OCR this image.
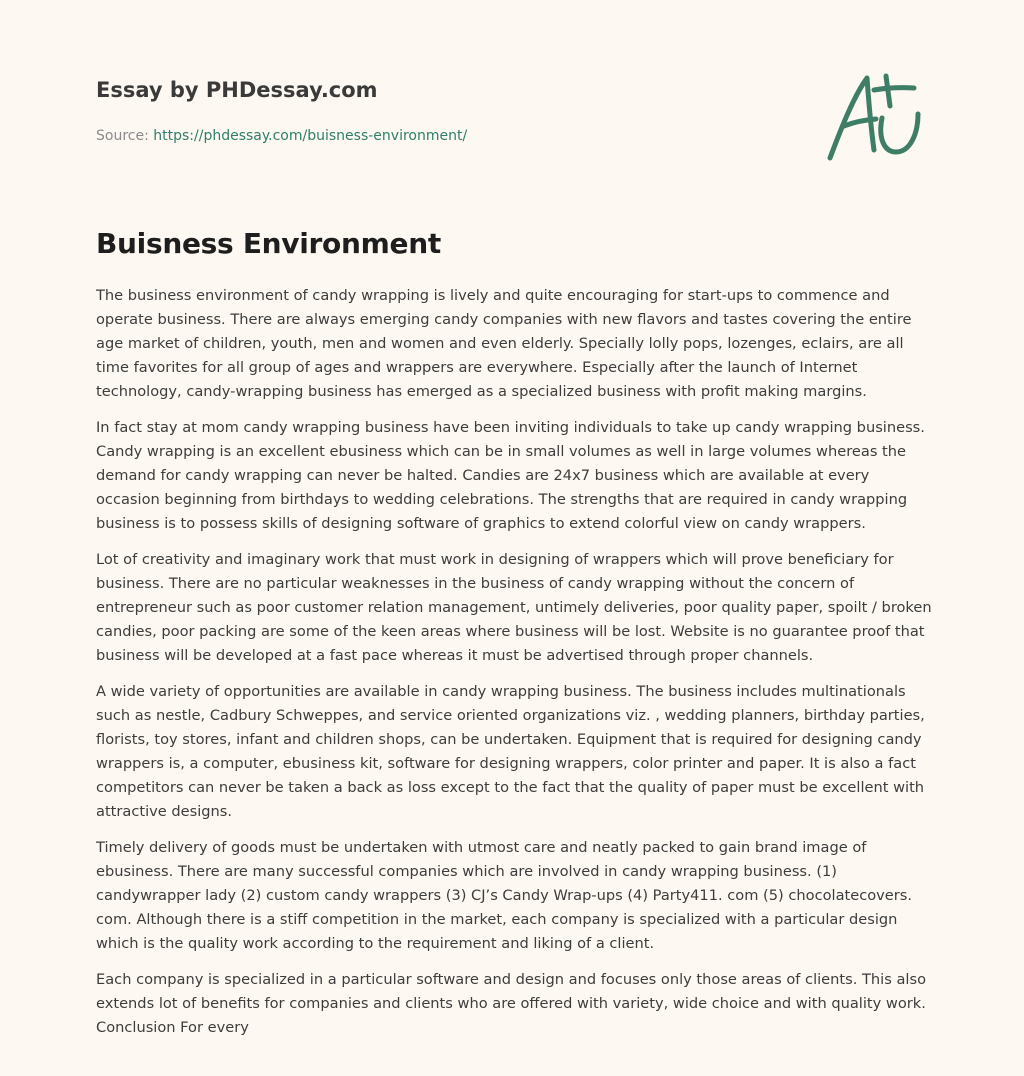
Essay by PHDessay.com
Source: https://phdessay.com/buisness-environment/
Buisness Environment

The business environment of candy wrapping is lively and quite encouraging for start-ups to commence and operate business. There are always emerging candy companies with new flavors and tastes covering the entire age market of children, youth, men and women and even elderly. Specially lolly pops, lozenges, eclairs, are all time favorites for all group of ages and wrappers are everywhere. Especially after the launch of Internet technology, candy-wrapping business has emerged as a specialized business with profit making margins.

In fact stay at mom candy wrapping business have been inviting individuals to take up candy wrapping business. Candy wrapping is an excellent ebusiness which can be in small volumes as well in large volumes whereas the demand for candy wrapping can never be halted. Candies are 24x7 business which are available at every occasion beginning from birthdays to wedding celebrations. The strengths that are required in candy wrapping business is to possess skills of designing software of graphics to extend colorful view on candy wrappers.

Lot of creativity and imaginary work that must work in designing of wrappers which will prove beneficiary for business. There are no particular weaknesses in the business of candy wrapping without the concern of entrepreneur such as poor customer relation management, untimely deliveries, poor quality paper, spoilt / broken candies, poor packing are some of the keen areas where business will be lost. Website is no guarantee proof that business will be developed at a fast pace whereas it must be advertised through proper channels.

A wide variety of opportunities are available in candy wrapping business. The business includes multinationals such as nestle, Cadbury Schweppes, and service oriented organizations viz. , wedding planners, birthday parties, florists, toy stores, infant and children shops, can be undertaken. Equipment that is required for designing candy wrappers is, a computer, ebusiness kit, software for designing wrappers, color printer and paper. It is also a fact competitors can never be taken a back as loss except to the fact that the quality of paper must be excellent with attractive designs.

Timely delivery of goods must be undertaken with utmost care and neatly packed to gain brand image of ebusiness. There are many successful companies which are involved in candy wrapping business. (1) candywrapper lady (2) custom candy wrappers (3) CJ’s Candy Wrap-ups (4) Party411. com (5) chocolatecovers. com. Although there is a stiff competition in the market, each company is specialized with a particular design which is the quality work according to the requirement and liking of a client.

Each company is specialized in a particular software and design and focuses only those areas of clients. This also extends lot of benefits for companies and clients who are offered with variety, wide choice and with quality work. Conclusion For every
